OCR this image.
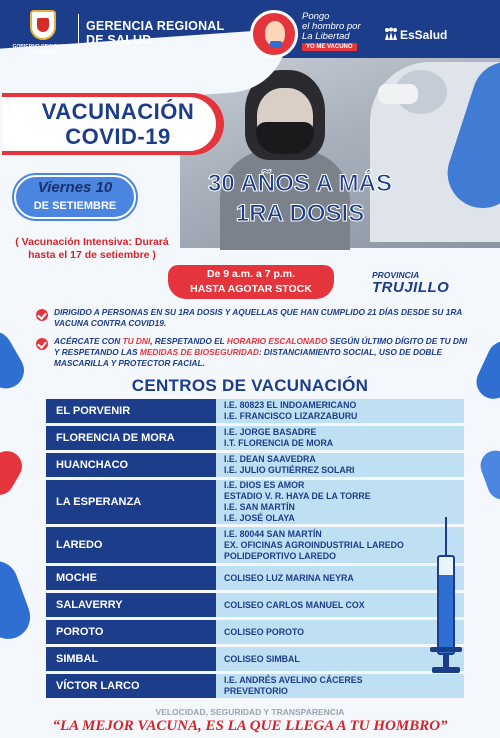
GOBIERNO REGIONAL LA LIBERTAD
GERENCIA REGIONAL
DE SALUD
Pongo
el hombro por
La Libertad
YO ME VACUNO
EsSalud
VACUNACIÓN
COVID-19
Viernes 10
DE SETIEMBRE
30 AÑOS A MÁS
1RA DOSIS
( Vacunación Intensiva: Durará
hasta el 17 de setiembre )
De 9 a.m. a 7 p.m.
HASTA AGOTAR STOCK
PROVINCIA
TRUJILLO
DIRIGIDO A PERSONAS EN SU 1RA DOSIS Y AQUELLAS QUE HAN CUMPLIDO 21 DÍAS DESDE SU 1RA VACUNA CONTRA COVID19.
ACÉRCATE CON TU DNI, RESPETANDO EL HORARIO ESCALONADO SEGÚN ÚLTIMO DÍGITO DE TU DNI Y RESPETANDO LAS MEDIDAS DE BIOSEGURIDAD: DISTANCIAMIENTO SOCIAL, USO DE DOBLE MASCARILLA Y PROTECTOR FACIAL.
CENTROS DE VACUNACIÓN
EL PORVENIR	I.E. 80823 EL INDOAMERICANO
I.E. FRANCISCO LIZARZABURU
FLORENCIA DE MORA	I.E. JORGE BASADRE
I.T. FLORENCIA DE MORA
HUANCHACO	I.E. DEAN SAAVEDRA
I.E. JULIO GUTIÉRREZ SOLARI
LA ESPERANZA
I.E. DIOS ES AMOR
ESTADIO V. R. HAYA DE LA TORRE
I.E. SAN MARTÍN
I.E. JOSÉ OLAYA
LAREDO
I.E. 80044 SAN MARTÍN
EX. OFICINAS AGROINDUSTRIAL LAREDO
POLIDEPORTIVO LAREDO
MOCHE	COLISEO LUZ MARINA NEYRA
SALAVERRY	COLISEO CARLOS MANUEL COX
POROTO	COLISEO POROTO
SIMBAL	COLISEO SIMBAL
VÍCTOR LARCO	I.E. ANDRÉS AVELINO CÁCERES
PREVENTORIO
VELOCIDAD, SEGURIDAD Y TRANSPARENCIA
“LA MEJOR VACUNA, ES LA QUE LLEGA A TU HOMBRO”
